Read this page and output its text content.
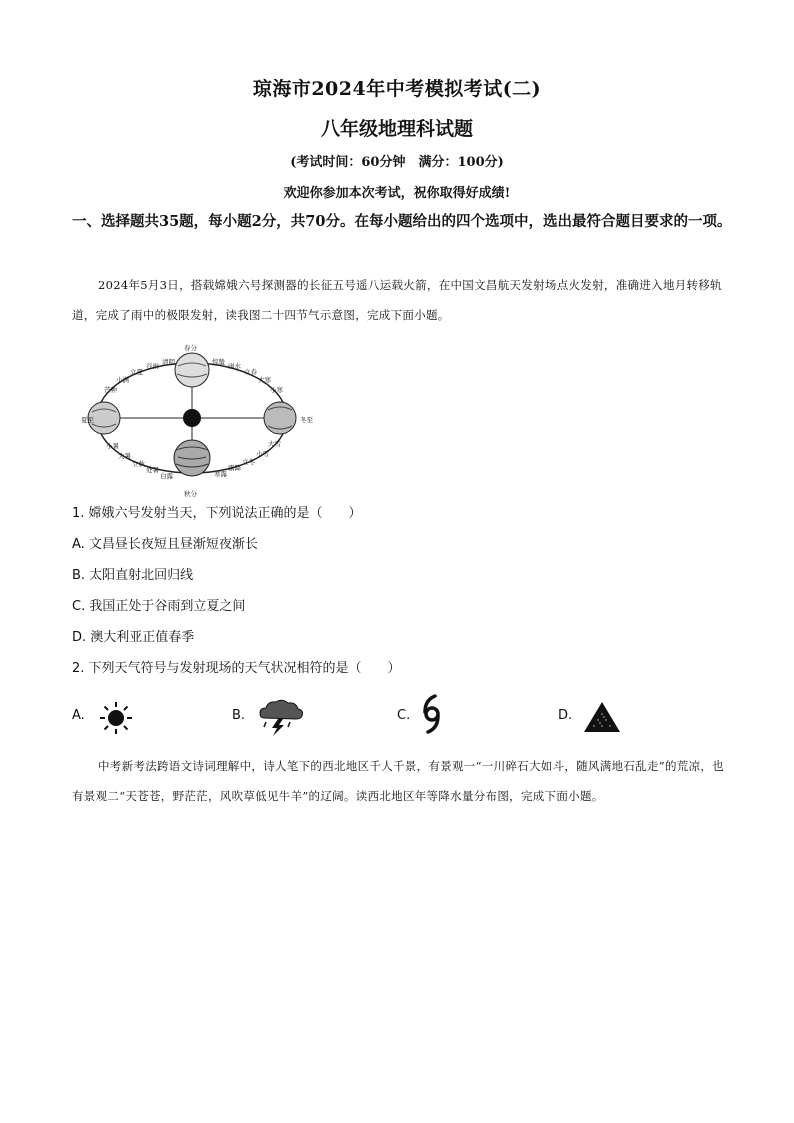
琼海市2024年中考模拟考试(二)
八年级地理科试题
(考试时间：60分钟　满分：100分)
欢迎你参加本次考试，祝你取得好成绩!
一、选择题共35题，每小题2分，共70分。在每小题给出的四个选项中，选出最符合题目要求的一项。
2024年5月3日，搭载嫦娥六号探测器的长征五号遥八运载火箭，在中国文昌航天发射场点火发射，准确进入地月转移轨道，完成了雨中的极限发射，读我图二十四节气示意图，完成下面小题。
春分
夏至	冬至
秋分
清明
谷雨
立夏
小满
芒种
惊蛰 雨水
立春
大寒
小寒
小暑
大暑
立秋
处暑
白露	寒露
霜降
立冬
小雪
大雪
1. 嫦娥六号发射当天，下列说法正确的是（　　）
A. 文昌昼长夜短且昼渐短夜渐长
B. 太阳直射北回归线
C. 我国正处于谷雨到立夏之间
D. 澳大利亚正值春季
2. 下列天气符号与发射现场的天气状况相符的是（　　）
A.	B.	C.	D.
中考新考法跨语文诗词理解中，诗人笔下的西北地区千人千景，有景观一“一川碎石大如斗，随风满地石乱走”的荒凉，也有景观二“天苍苍，野茫茫，风吹草低见牛羊”的辽阔。读西北地区年等降水量分布图，完成下面小题。
